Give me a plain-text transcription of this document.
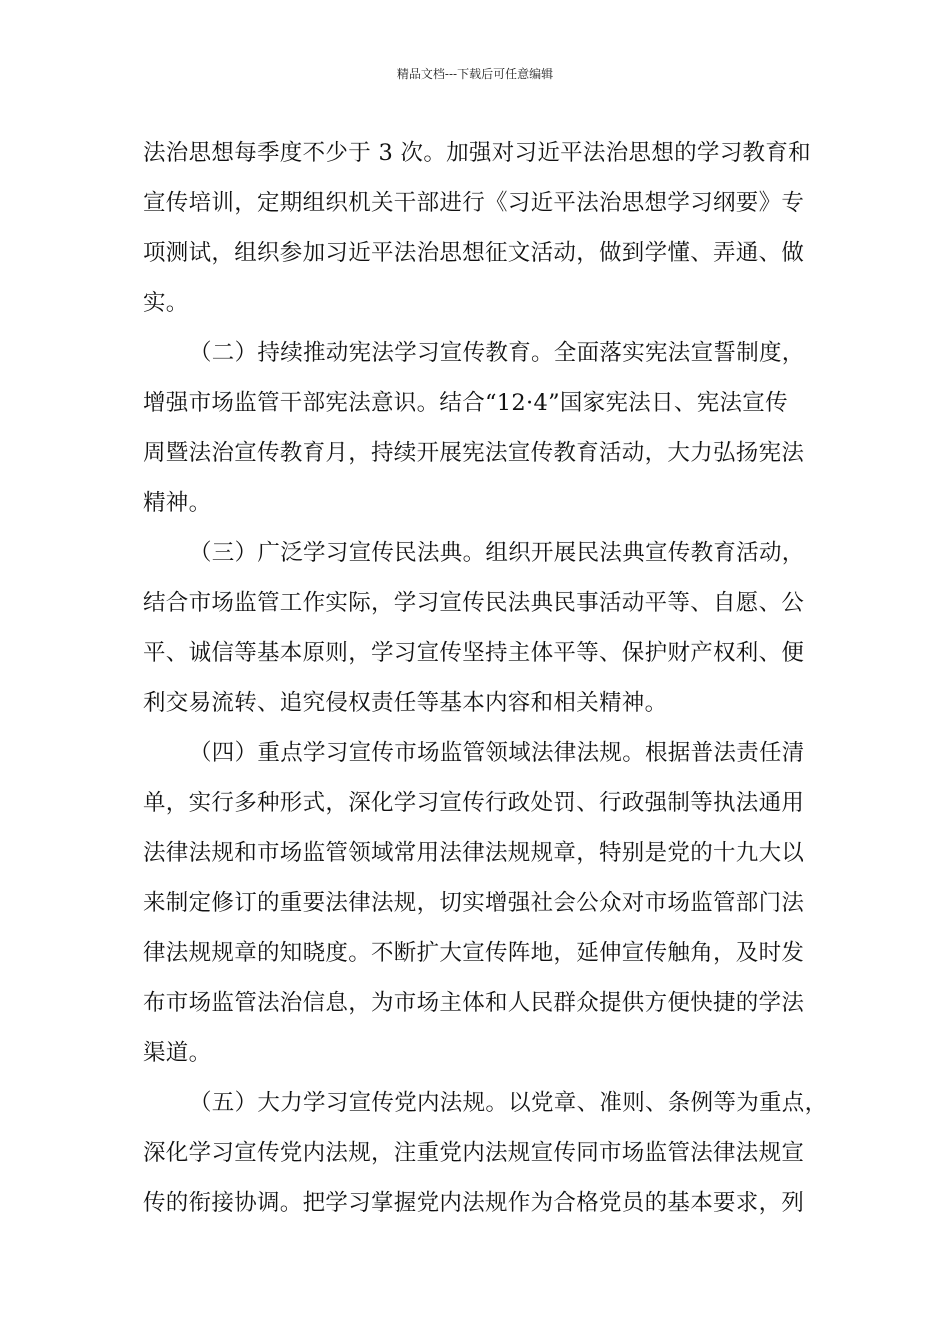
精品文档---下载后可任意编辑
法治思想每季度不少于 3 次。加强对习近平法治思想的学习教育和
宣传培训，定期组织机关干部进行《习近平法治思想学习纲要》专
项测试，组织参加习近平法治思想征文活动，做到学懂、弄通、做
实。
（二）持续推动宪法学习宣传教育。全面落实宪法宣誓制度，
增强市场监管干部宪法意识。结合“12·4”国家宪法日、宪法宣传
周暨法治宣传教育月，持续开展宪法宣传教育活动，大力弘扬宪法
精神。
（三）广泛学习宣传民法典。组织开展民法典宣传教育活动，
结合市场监管工作实际，学习宣传民法典民事活动平等、自愿、公
平、诚信等基本原则，学习宣传坚持主体平等、保护财产权利、便
利交易流转、追究侵权责任等基本内容和相关精神。
（四）重点学习宣传市场监管领域法律法规。根据普法责任清
单，实行多种形式，深化学习宣传行政处罚、行政强制等执法通用
法律法规和市场监管领域常用法律法规规章，特别是党的十九大以
来制定修订的重要法律法规，切实增强社会公众对市场监管部门法
律法规规章的知晓度。不断扩大宣传阵地，延伸宣传触角，及时发
布市场监管法治信息，为市场主体和人民群众提供方便快捷的学法
渠道。
（五）大力学习宣传党内法规。以党章、准则、条例等为重点，
深化学习宣传党内法规，注重党内法规宣传同市场监管法律法规宣
传的衔接协调。把学习掌握党内法规作为合格党员的基本要求，列
